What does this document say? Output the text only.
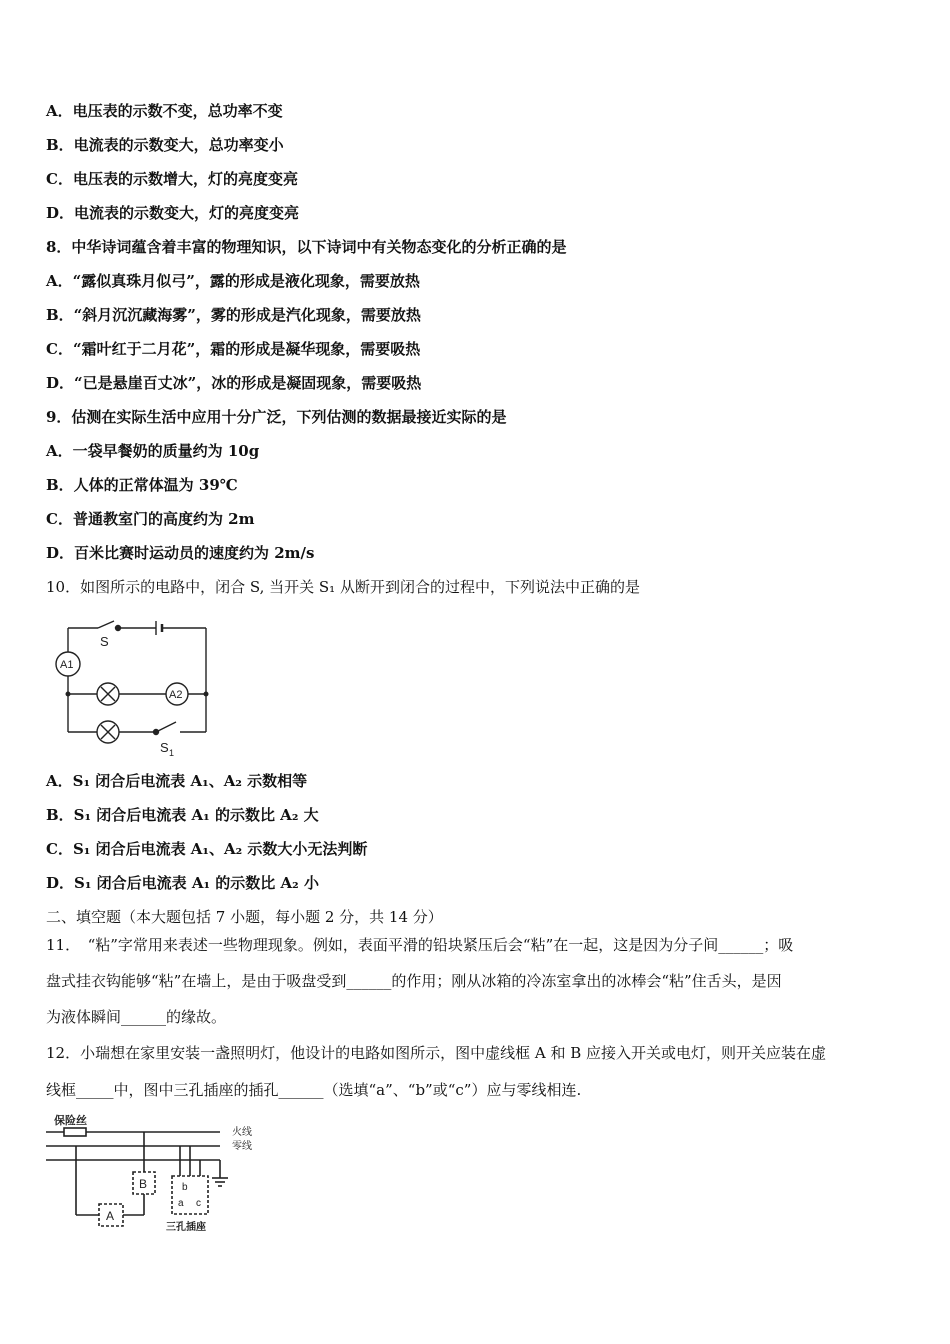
A．电压表的示数不变，总功率不变
B．电流表的示数变大，总功率变小
C．电压表的示数增大，灯的亮度变亮
D．电流表的示数变大，灯的亮度变亮
8．中华诗词蕴含着丰富的物理知识，以下诗词中有关物态变化的分析正确的是
A．“露似真珠月似弓”，露的形成是液化现象，需要放热
B．“斜月沉沉藏海雾”，雾的形成是汽化现象，需要放热
C．“霜叶红于二月花”，霜的形成是凝华现象，需要吸热
D．“已是悬崖百丈冰”，冰的形成是凝固现象，需要吸热
9．估测在实际生活中应用十分广泛，下列估测的数据最接近实际的是
A．一袋早餐奶的质量约为 10g
B．人体的正常体温为 39℃
C．普通教室门的高度约为 2m
D．百米比赛时运动员的速度约为 2m/s
10．如图所示的电路中，闭合 S, 当开关 S₁ 从断开到闭合的过程中，下列说法中正确的是
S
A1
A2
S 1
A．S₁ 闭合后电流表 A₁、A₂ 示数相等
B．S₁ 闭合后电流表 A₁ 的示数比 A₂ 大
C．S₁ 闭合后电流表 A₁、A₂ 示数大小无法判断
D．S₁ 闭合后电流表 A₁ 的示数比 A₂ 小
二、填空题（本大题包括 7 小题，每小题 2 分，共 14 分）
11．　“粘”字常用来表述一些物理现象。例如，表面平滑的铅块紧压后会“粘”在一起，这是因为分子间______；吸
盘式挂衣钩能够“粘”在墙上，是由于吸盘受到______的作用；刚从冰箱的冷冻室拿出的冰棒会“粘”住舌头，是因
为液体瞬间______的缘故。
12．小瑞想在家里安装一盏照明灯，他设计的电路如图所示，图中虚线框 A 和 B 应接入开关或电灯，则开关应装在虚
线框_____中，图中三孔插座的插孔______（选填“a”、“b”或“c”）应与零线相连.
保险丝
火线
零线
A
B	b
a c
三孔插座
